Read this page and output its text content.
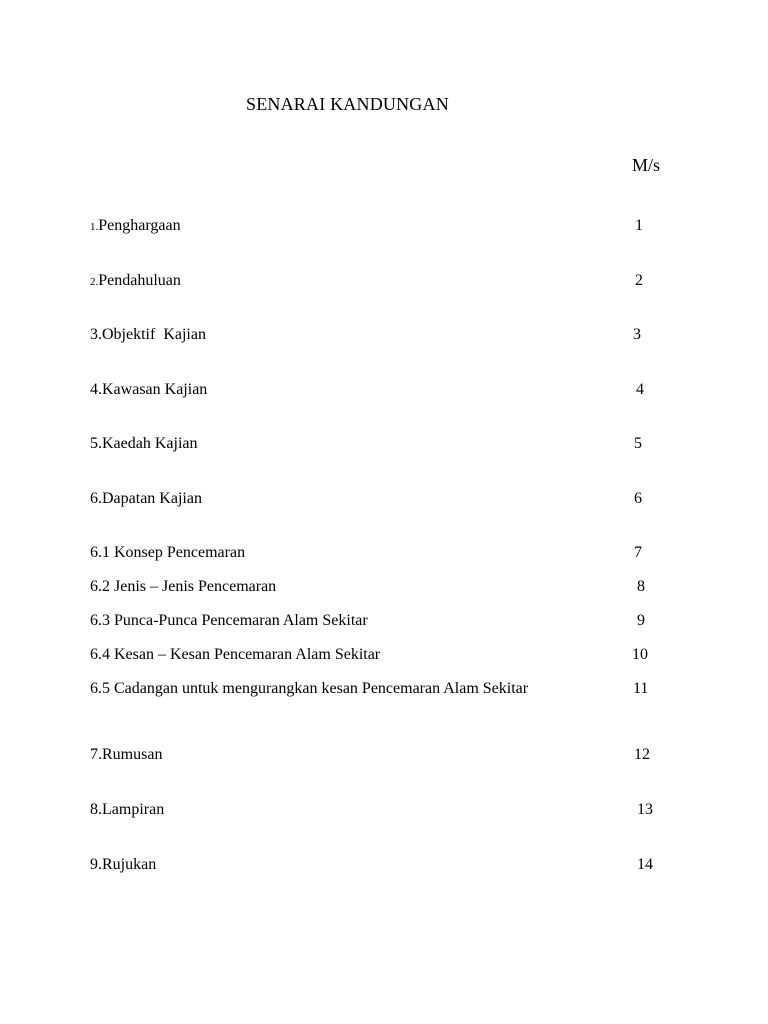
SENARAI KANDUNGAN
M/s
1.Penghargaan	1
2.Pendahuluan	2
3.Objektif  Kajian	3
4.Kawasan Kajian	4
5.Kaedah Kajian	5
6.Dapatan Kajian	6
6.1 Konsep Pencemaran	7
6.2 Jenis – Jenis Pencemaran	8
6.3 Punca-Punca Pencemaran Alam Sekitar	9
6.4 Kesan – Kesan Pencemaran Alam Sekitar	10
6.5 Cadangan untuk mengurangkan kesan Pencemaran Alam Sekitar	11
7.Rumusan	12
8.Lampiran	13
9.Rujukan	14
